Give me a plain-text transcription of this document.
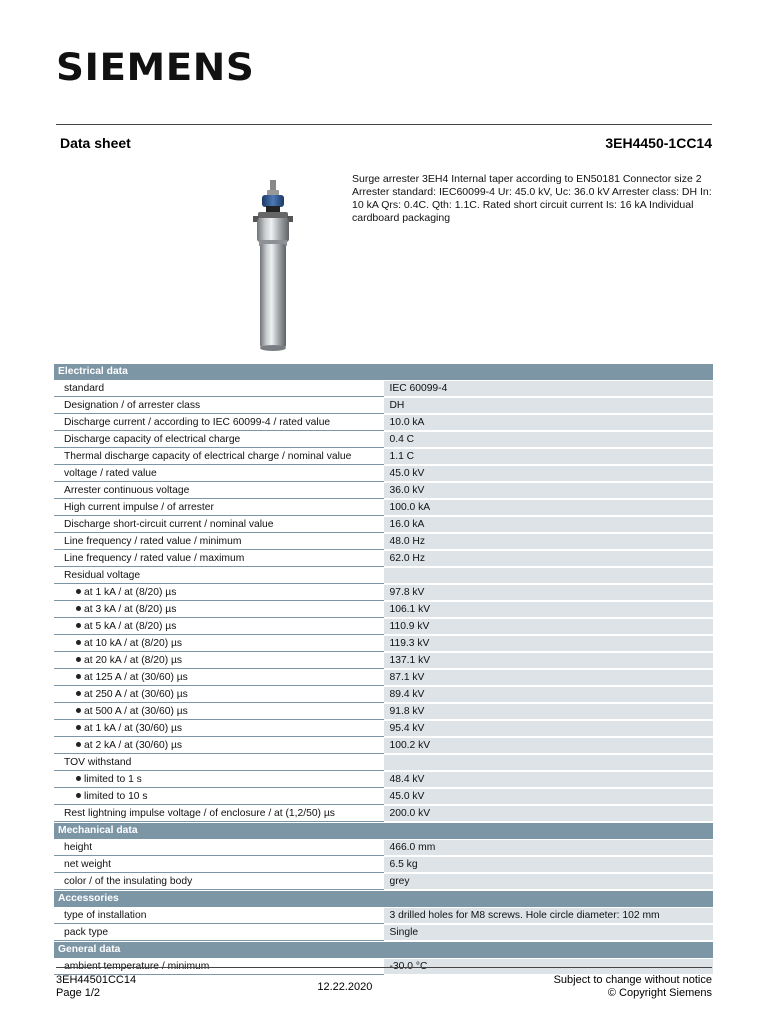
SIEMENS
Data sheet	3EH4450-1CC14
Surge arrester 3EH4 Internal taper according to EN50181 Connector size 2 Arrester standard: IEC60099-4 Ur: 45.0 kV, Uc: 36.0 kV Arrester class: DH In: 10 kA Qrs: 0.4C. Qth: 1.1C. Rated short circuit current Is: 16 kA Individual cardboard packaging
Electrical data	
standard	IEC 60099-4
Designation / of arrester class	DH
Discharge current / according to IEC 60099-4 / rated value	10.0 kA
Discharge capacity of electrical charge	0.4 C
Thermal discharge capacity of electrical charge / nominal value	1.1 C
voltage / rated value	45.0 kV
Arrester continuous voltage	36.0 kV
High current impulse / of arrester	100.0 kA
Discharge short-circuit current / nominal value	16.0 kA
Line frequency / rated value / minimum	48.0 Hz
Line frequency / rated value / maximum	62.0 Hz
Residual voltage	
at 1 kA / at (8/20) µs	97.8 kV
at 3 kA / at (8/20) µs	106.1 kV
at 5 kA / at (8/20) µs	110.9 kV
at 10 kA / at (8/20) µs	119.3 kV
at 20 kA / at (8/20) µs	137.1 kV
at 125 A / at (30/60) µs	87.1 kV
at 250 A / at (30/60) µs	89.4 kV
at 500 A / at (30/60) µs	91.8 kV
at 1 kA / at (30/60) µs	95.4 kV
at 2 kA / at (30/60) µs	100.2 kV
TOV withstand	
limited to 1 s	48.4 kV
limited to 10 s	45.0 kV
Rest lightning impulse voltage / of enclosure / at (1,2/50) µs	200.0 kV
Mechanical data	
height	466.0 mm
net weight	6.5 kg
color / of the insulating body	grey
Accessories	
type of installation	3 drilled holes for M8 screws. Hole circle diameter: 102 mm
pack type	Single
General data	
ambient temperature / minimum	-30.0 °C
3EH44501CC14
Page 1/2	12.22.2020
Subject to change without notice
© Copyright Siemens
